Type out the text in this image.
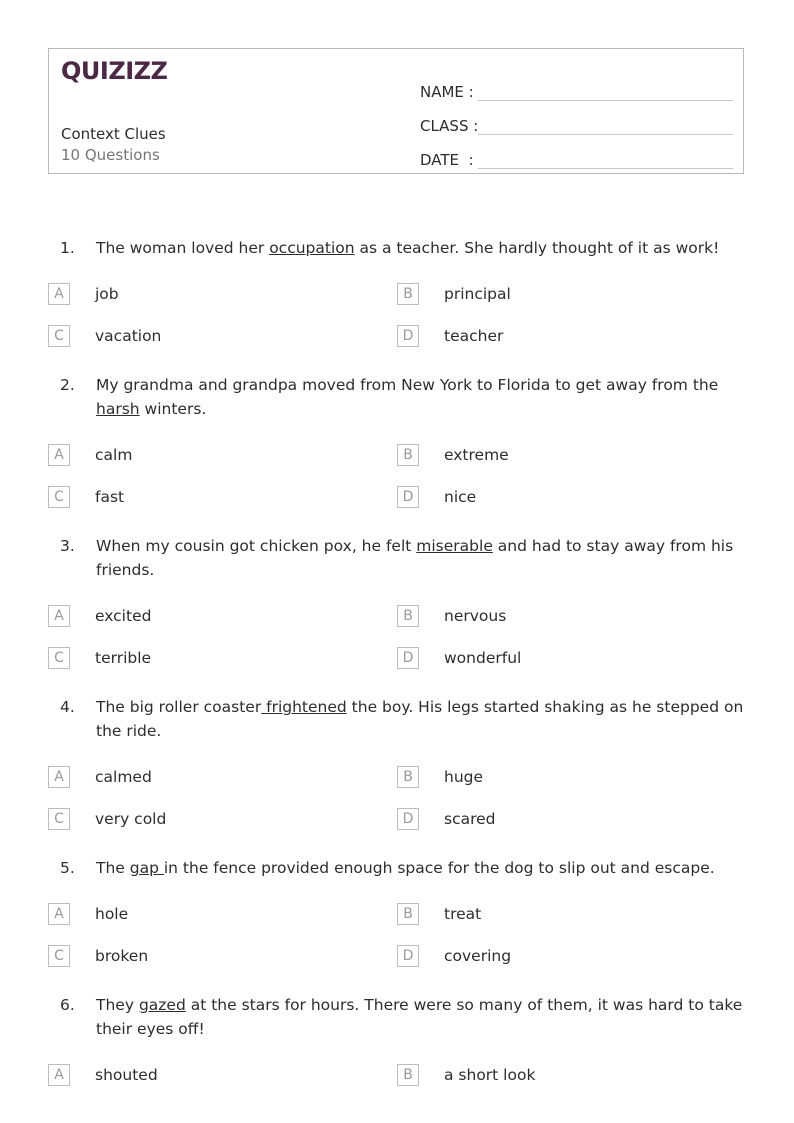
QUIZIZZ
Context Clues
10 Questions
NAME :
CLASS :
DATE  :
1.	The woman loved her occupation as a teacher. She hardly thought of it as work!
A	job	B	principal
C	vacation	D	teacher
2.	My grandma and grandpa moved from New York to Florida to get away from the harsh winters.
A	calm	B	extreme
C	fast	D	nice
3.	When my cousin got chicken pox, he felt miserable and had to stay away from his friends.
A	excited	B	nervous
C	terrible	D	wonderful
4.	The big roller coaster frightened the boy. His legs started shaking as he stepped on the ride.
A	calmed	B	huge
C	very cold	D	scared
5.	The gap in the fence provided enough space for the dog to slip out and escape.
A	hole	B	treat
C	broken	D	covering
6.	They gazed at the stars for hours. There were so many of them, it was hard to take their eyes off!
A	shouted	B	a short look
